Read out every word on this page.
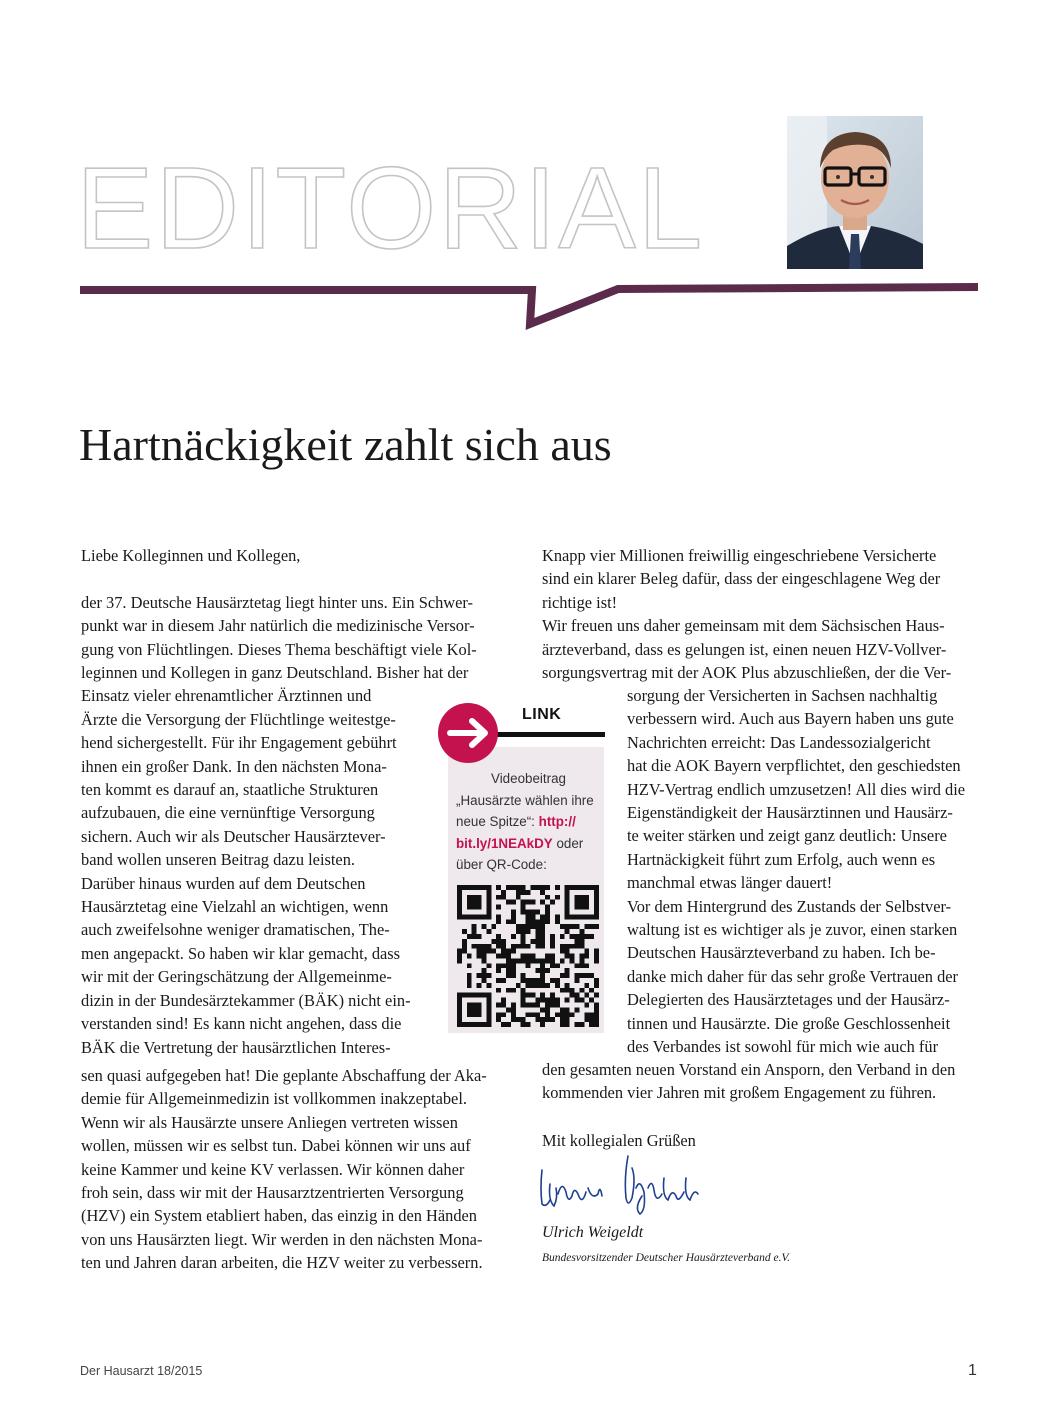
EDITORIAL
Hartnäckigkeit zahlt sich aus

Liebe Kolleginnen und Kollegen,

der 37. Deutsche Hausärztetag liegt hinter uns. Ein Schwer-

punkt war in diesem Jahr natürlich die medizinische Versor-

gung von Flüchtlingen. Dieses Thema beschäftigt viele Kol-

leginnen und Kollegen in ganz Deutschland. Bisher hat der

Einsatz vieler ehrenamtlicher Ärztinnen und

Ärzte die Versorgung der Flüchtlinge weitestge-

hend sichergestellt. Für ihr Engagement gebührt

ihnen ein großer Dank. In den nächsten Mona-

ten kommt es darauf an, staatliche Strukturen

aufzubauen, die eine vernünftige Versorgung

sichern. Auch wir als Deutscher Hausärztever-

band wollen unseren Beitrag dazu leisten.

Darüber hinaus wurden auf dem Deutschen

Hausärztetag eine Vielzahl an wichtigen, wenn

auch zweifelsohne weniger dramatischen, The-

men angepackt. So haben wir klar gemacht, dass

wir mit der Geringschätzung der Allgemeinme-

dizin in der Bundesärztekammer (BÄK) nicht ein-

verstanden sind! Es kann nicht angehen, dass die

BÄK die Vertretung der hausärztlichen Interes-

sen quasi aufgegeben hat! Die geplante Abschaffung der Aka-

demie für Allgemeinmedizin ist vollkommen inakzeptabel.

Wenn wir als Hausärzte unsere Anliegen vertreten wissen

wollen, müssen wir es selbst tun. Dabei können wir uns auf

keine Kammer und keine KV verlassen. Wir können daher

froh sein, dass wir mit der Hausarztzentrierten Versorgung

(HZV) ein System etabliert haben, das einzig in den Händen

von uns Hausärzten liegt. Wir werden in den nächsten Mona-

ten und Jahren daran arbeiten, die HZV weiter zu verbessern.

Knapp vier Millionen freiwillig eingeschriebene Versicherte

sind ein klarer Beleg dafür, dass der eingeschlagene Weg der

richtige ist!

Wir freuen uns daher gemeinsam mit dem Sächsischen Haus-

ärzteverband, dass es gelungen ist, einen neuen HZV-Vollver-

sorgungsvertrag mit der AOK Plus abzuschließen, der die Ver-

sorgung der Versicherten in Sachsen nachhaltig

verbessern wird. Auch aus Bayern haben uns gute

Nachrichten erreicht: Das Landessozialgericht

hat die AOK Bayern verpflichtet, den geschiedsten

HZV-Vertrag endlich umzusetzen! All dies wird die

Eigenständigkeit der Hausärztinnen und Hausärz-

te weiter stärken und zeigt ganz deutlich: Unsere

Hartnäckigkeit führt zum Erfolg, auch wenn es

manchmal etwas länger dauert!

Vor dem Hintergrund des Zustands der Selbstver-

waltung ist es wichtiger als je zuvor, einen starken

Deutschen Hausärzteverband zu haben. Ich be-

danke mich daher für das sehr große Vertrauen der

Delegierten des Hausärztetages und der Hausärz-

tinnen und Hausärzte. Die große Geschlossenheit

des Verbandes ist sowohl für mich wie auch für

den gesamten neuen Vorstand ein Ansporn, den Verband in den

kommenden vier Jahren mit großem Engagement zu führen.

Mit kollegialen Grüßen
Ulrich Weigeldt
Bundesvorsitzender Deutscher Hausärzteverband e.V.
LINK
Videobeitrag
„Hausärzte wählen ihre
neue Spitze“: http://
bit.ly/1NEAkDY oder
über QR-Code:
Der Hausarzt 18/2015	1
